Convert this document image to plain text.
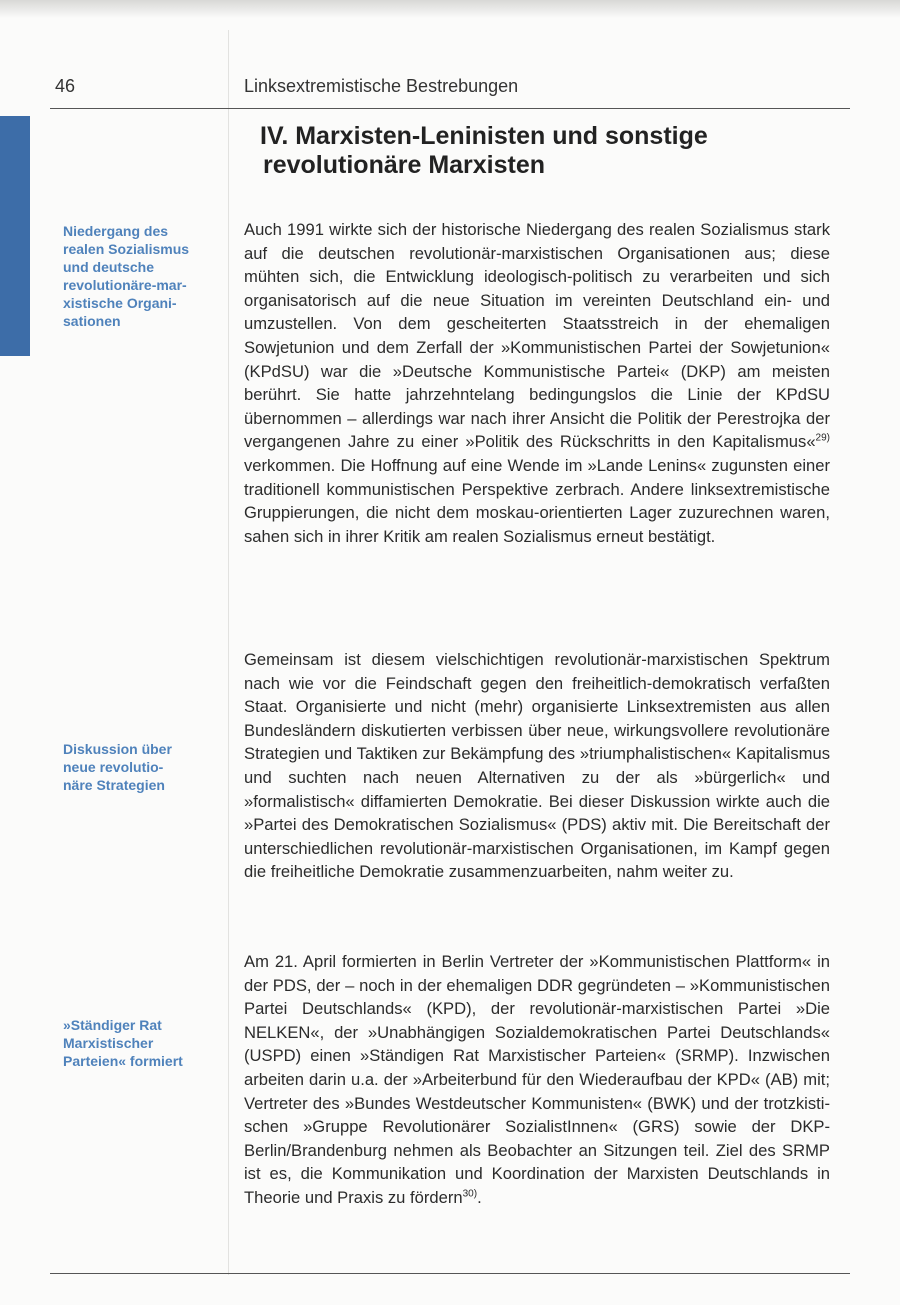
46	Linksextremistische Bestrebungen
IV. Marxisten-Leninisten und sonstige

revolutionäre Marxisten

Niedergang des
realen Sozialismus
und deutsche
revolutionäre-mar-
xistische Organi-
sationen

Diskussion über
neue revolutio-
näre Strategien

»Ständiger Rat
Marxistischer
Parteien« formiert

Auch 1991 wirkte sich der historische Niedergang des realen Sozialismus stark auf die deutschen revolutionär-marxistischen Organisationen aus; diese mühten sich, die Entwicklung ideologisch-politisch zu verarbeiten und sich organisatorisch auf die neue Situation im vereinten Deutschland ein- und umzustellen. Von dem gescheiterten Staatsstreich in der ehemaligen Sowjetunion und dem Zerfall der »Kommunistischen Partei der Sowjetunion« (KPdSU) war die »Deutsche Kommunistische Partei« (DKP) am meisten berührt. Sie hatte jahrzehntelang bedingungslos die Linie der KPdSU übernommen – allerdings war nach ihrer Ansicht die Politik der Perestrojka der vergangenen Jahre zu einer »Politik des Rückschritts in den Kapitalismus«$^{29)}$ verkommen. Die Hoffnung auf eine Wende im »Lande Lenins« zugunsten einer traditionell kommunistischen Perspektive zerbrach. Andere linksextremistische Gruppierungen, die nicht dem moskau-orientierten Lager zuzurechnen waren, sahen sich in ihrer Kritik am realen Sozialismus erneut bestätigt.

Gemeinsam ist diesem vielschichtigen revolutionär-marxistischen Spektrum nach wie vor die Feindschaft gegen den freiheitlich-demokratisch verfaßten Staat. Organisierte und nicht (mehr) organisierte Linksextremisten aus allen Bundesländern diskutierten verbissen über neue, wirkungsvollere revolutionäre Strategien und Taktiken zur Bekämpfung des »triumphalistischen« Kapitalismus und suchten nach neuen Alternativen zu der als »bürgerlich« und »formalistisch« diffamierten Demokratie. Bei dieser Diskussion wirkte auch die »Partei des Demokratischen Sozialismus« (PDS) aktiv mit. Die Bereitschaft der unterschiedlichen revolutionär-marxistischen Organisationen, im Kampf gegen die freiheitliche Demokratie zusammenzuarbeiten, nahm weiter zu.

Am 21. April formierten in Berlin Vertreter der »Kommunistischen Plattform« in der PDS, der – noch in der ehemaligen DDR gegründeten – »Kommunistischen Partei Deutschlands« (KPD), der revolutionär-marxistischen Partei »Die NELKEN«, der »Unabhängigen Sozialdemokratischen Partei Deutschlands« (USPD) einen »Ständigen Rat Marxistischer Parteien« (SRMP). Inzwischen arbeiten darin u.a. der »Arbeiterbund für den Wiederaufbau der KPD« (AB) mit; Vertreter des »Bundes Westdeutscher Kommunisten« (BWK) und der trotzkistischen »Gruppe Revolutionärer SozialistInnen« (GRS) sowie der DKP-Berlin/Brandenburg nehmen als Beobachter an Sitzungen teil. Ziel des SRMP ist es, die Kommunikation und Koordination der Marxisten Deutschlands in Theorie und Praxis zu fördern$^{30)}$.
